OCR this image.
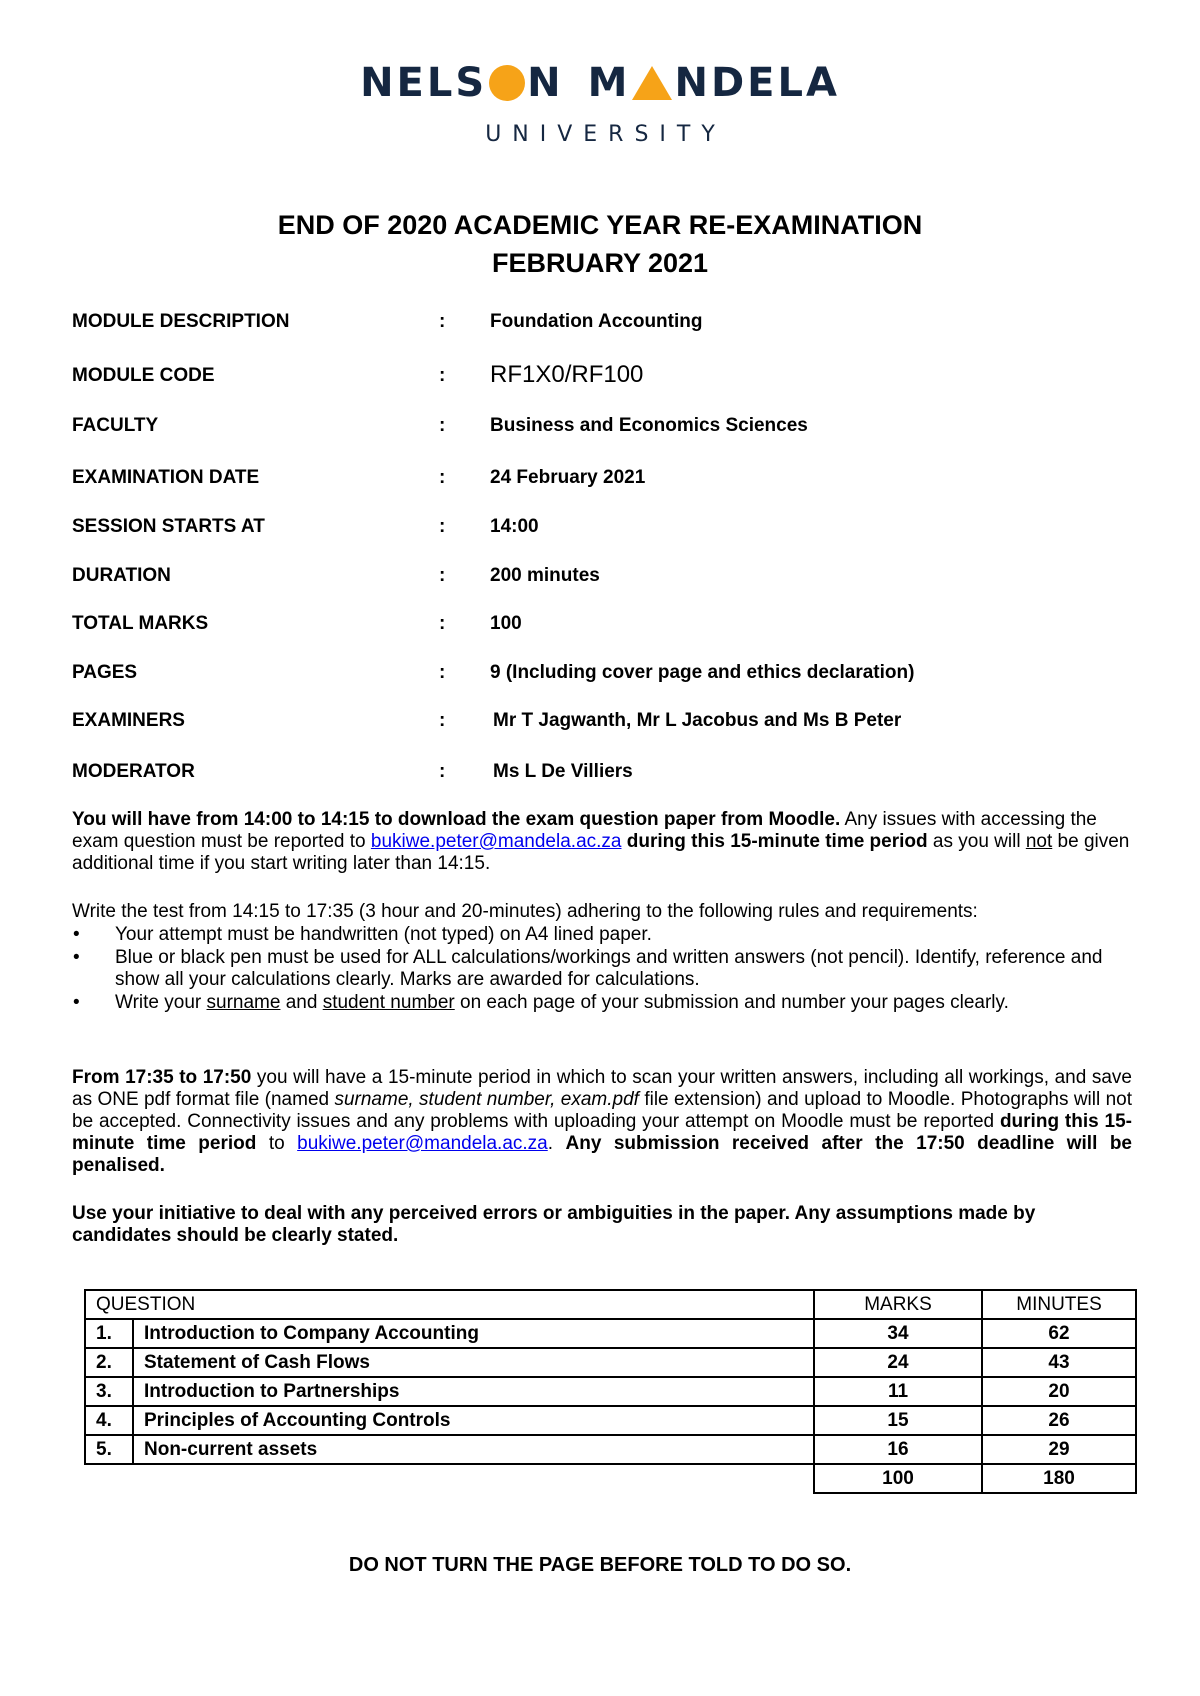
NELS N M NDELA
UNIVERSITY
END OF 2020 ACADEMIC YEAR RE-EXAMINATION
FEBRUARY 2021
MODULE DESCRIPTION	: Foundation Accounting
MODULE CODE	: RF1X0/RF100
FACULTY	: Business and Economics Sciences
EXAMINATION DATE	: 24 February 2021
SESSION STARTS AT	: 14:00
DURATION	: 200 minutes
TOTAL MARKS	: 100
PAGES	: 9 (Including cover page and ethics declaration)
EXAMINERS	:	Mr T Jagwanth, Mr L Jacobus and Ms B Peter
MODERATOR	:	Ms L De Villiers
You will have from 14:00 to 14:15 to download the exam question paper from Moodle. Any issues with accessing the exam question must be reported to bukiwe.peter@mandela.ac.za during this 15-minute time period as you will not be given additional time if you start writing later than 14:15.
Write the test from 14:15 to 17:35 (3 hour and 20-minutes) adhering to the following rules and requirements:
• Your attempt must be handwritten (not typed) on A4 lined paper.
• Blue or black pen must be used for ALL calculations/workings and written answers (not pencil). Identify, reference and show all your calculations clearly. Marks are awarded for calculations.
• Write your surname and student number on each page of your submission and number your pages clearly.
From 17:35 to 17:50 you will have a 15-minute period in which to scan your written answers, including all workings, and save as ONE pdf format file (named surname, student number, exam.pdf file extension) and upload to Moodle. Photographs will not be accepted. Connectivity issues and any problems with uploading your attempt on Moodle must be reported during this 15-minute time period to bukiwe.peter@mandela.ac.za. Any submission received after the 17:50 deadline will be penalised.
Use your initiative to deal with any perceived errors or ambiguities in the paper. Any assumptions made by candidates should be clearly stated.
QUESTION		MARKS	MINUTES
1.	Introduction to Company Accounting	34	62
2.	Statement of Cash Flows	24	43
3.	Introduction to Partnerships	11	20
4.	Principles of Accounting Controls	15	26
5.	Non-current assets	16	29
		100	180
DO NOT TURN THE PAGE BEFORE TOLD TO DO SO.
